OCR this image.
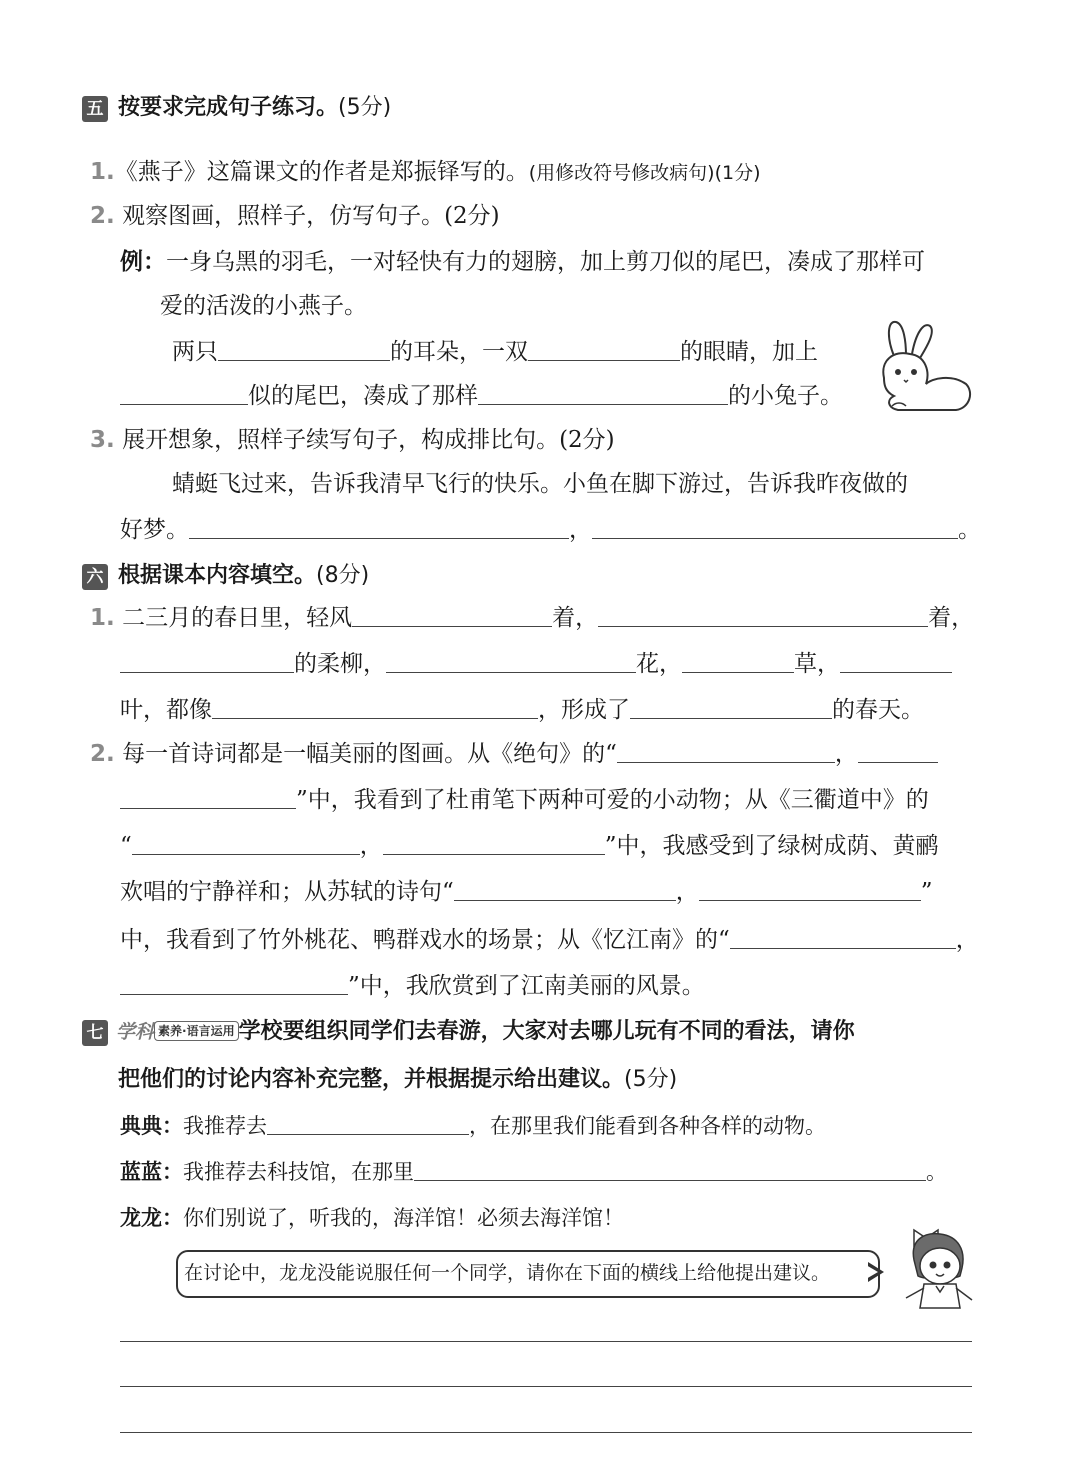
五 按要求完成句子练习。(5分)
1.《燕子》这篇课文的作者是郑振铎写的。(用修改符号修改病句)(1分)
2. 观察图画，照样子，仿写句子。(2分)
例：一身乌黑的羽毛，一对轻快有力的翅膀，加上剪刀似的尾巴，凑成了那样可
爱的活泼的小燕子。
两只	的耳朵，一双	的眼睛，加上
似的尾巴，凑成了那样	的小兔子。
3. 展开想象，照样子续写句子，构成排比句。(2分)
蜻蜓飞过来，告诉我清早飞行的快乐。小鱼在脚下游过，告诉我昨夜做的
好梦。	，	。
六 根据课本内容填空。(8分)
1. 二三月的春日里，轻风	着，	着，
的柔柳，	花，	草，
叶，都像	，形成了	的春天。
2. 每一首诗词都是一幅美丽的图画。从《绝句》的“	，
”中，我看到了杜甫笔下两种可爱的小动物；从《三衢道中》的
“	，	”中，我感受到了绿树成荫、黄鹂
欢唱的宁静祥和；从苏轼的诗句“	，	”
中，我看到了竹外桃花、鸭群戏水的场景；从《忆江南》的“	，
”中，我欣赏到了江南美丽的风景。
七 学科 素养·语言运用 学校要组织同学们去春游，大家对去哪儿玩有不同的看法，请你
把他们的讨论内容补充完整，并根据提示给出建议。(5分)
典典：我推荐去	，在那里我们能看到各种各样的动物。
蓝蓝：我推荐去科技馆，在那里	。
龙龙：你们别说了，听我的，海洋馆！必须去海洋馆！
在讨论中，龙龙没能说服任何一个同学，请你在下面的横线上给他提出建议。
